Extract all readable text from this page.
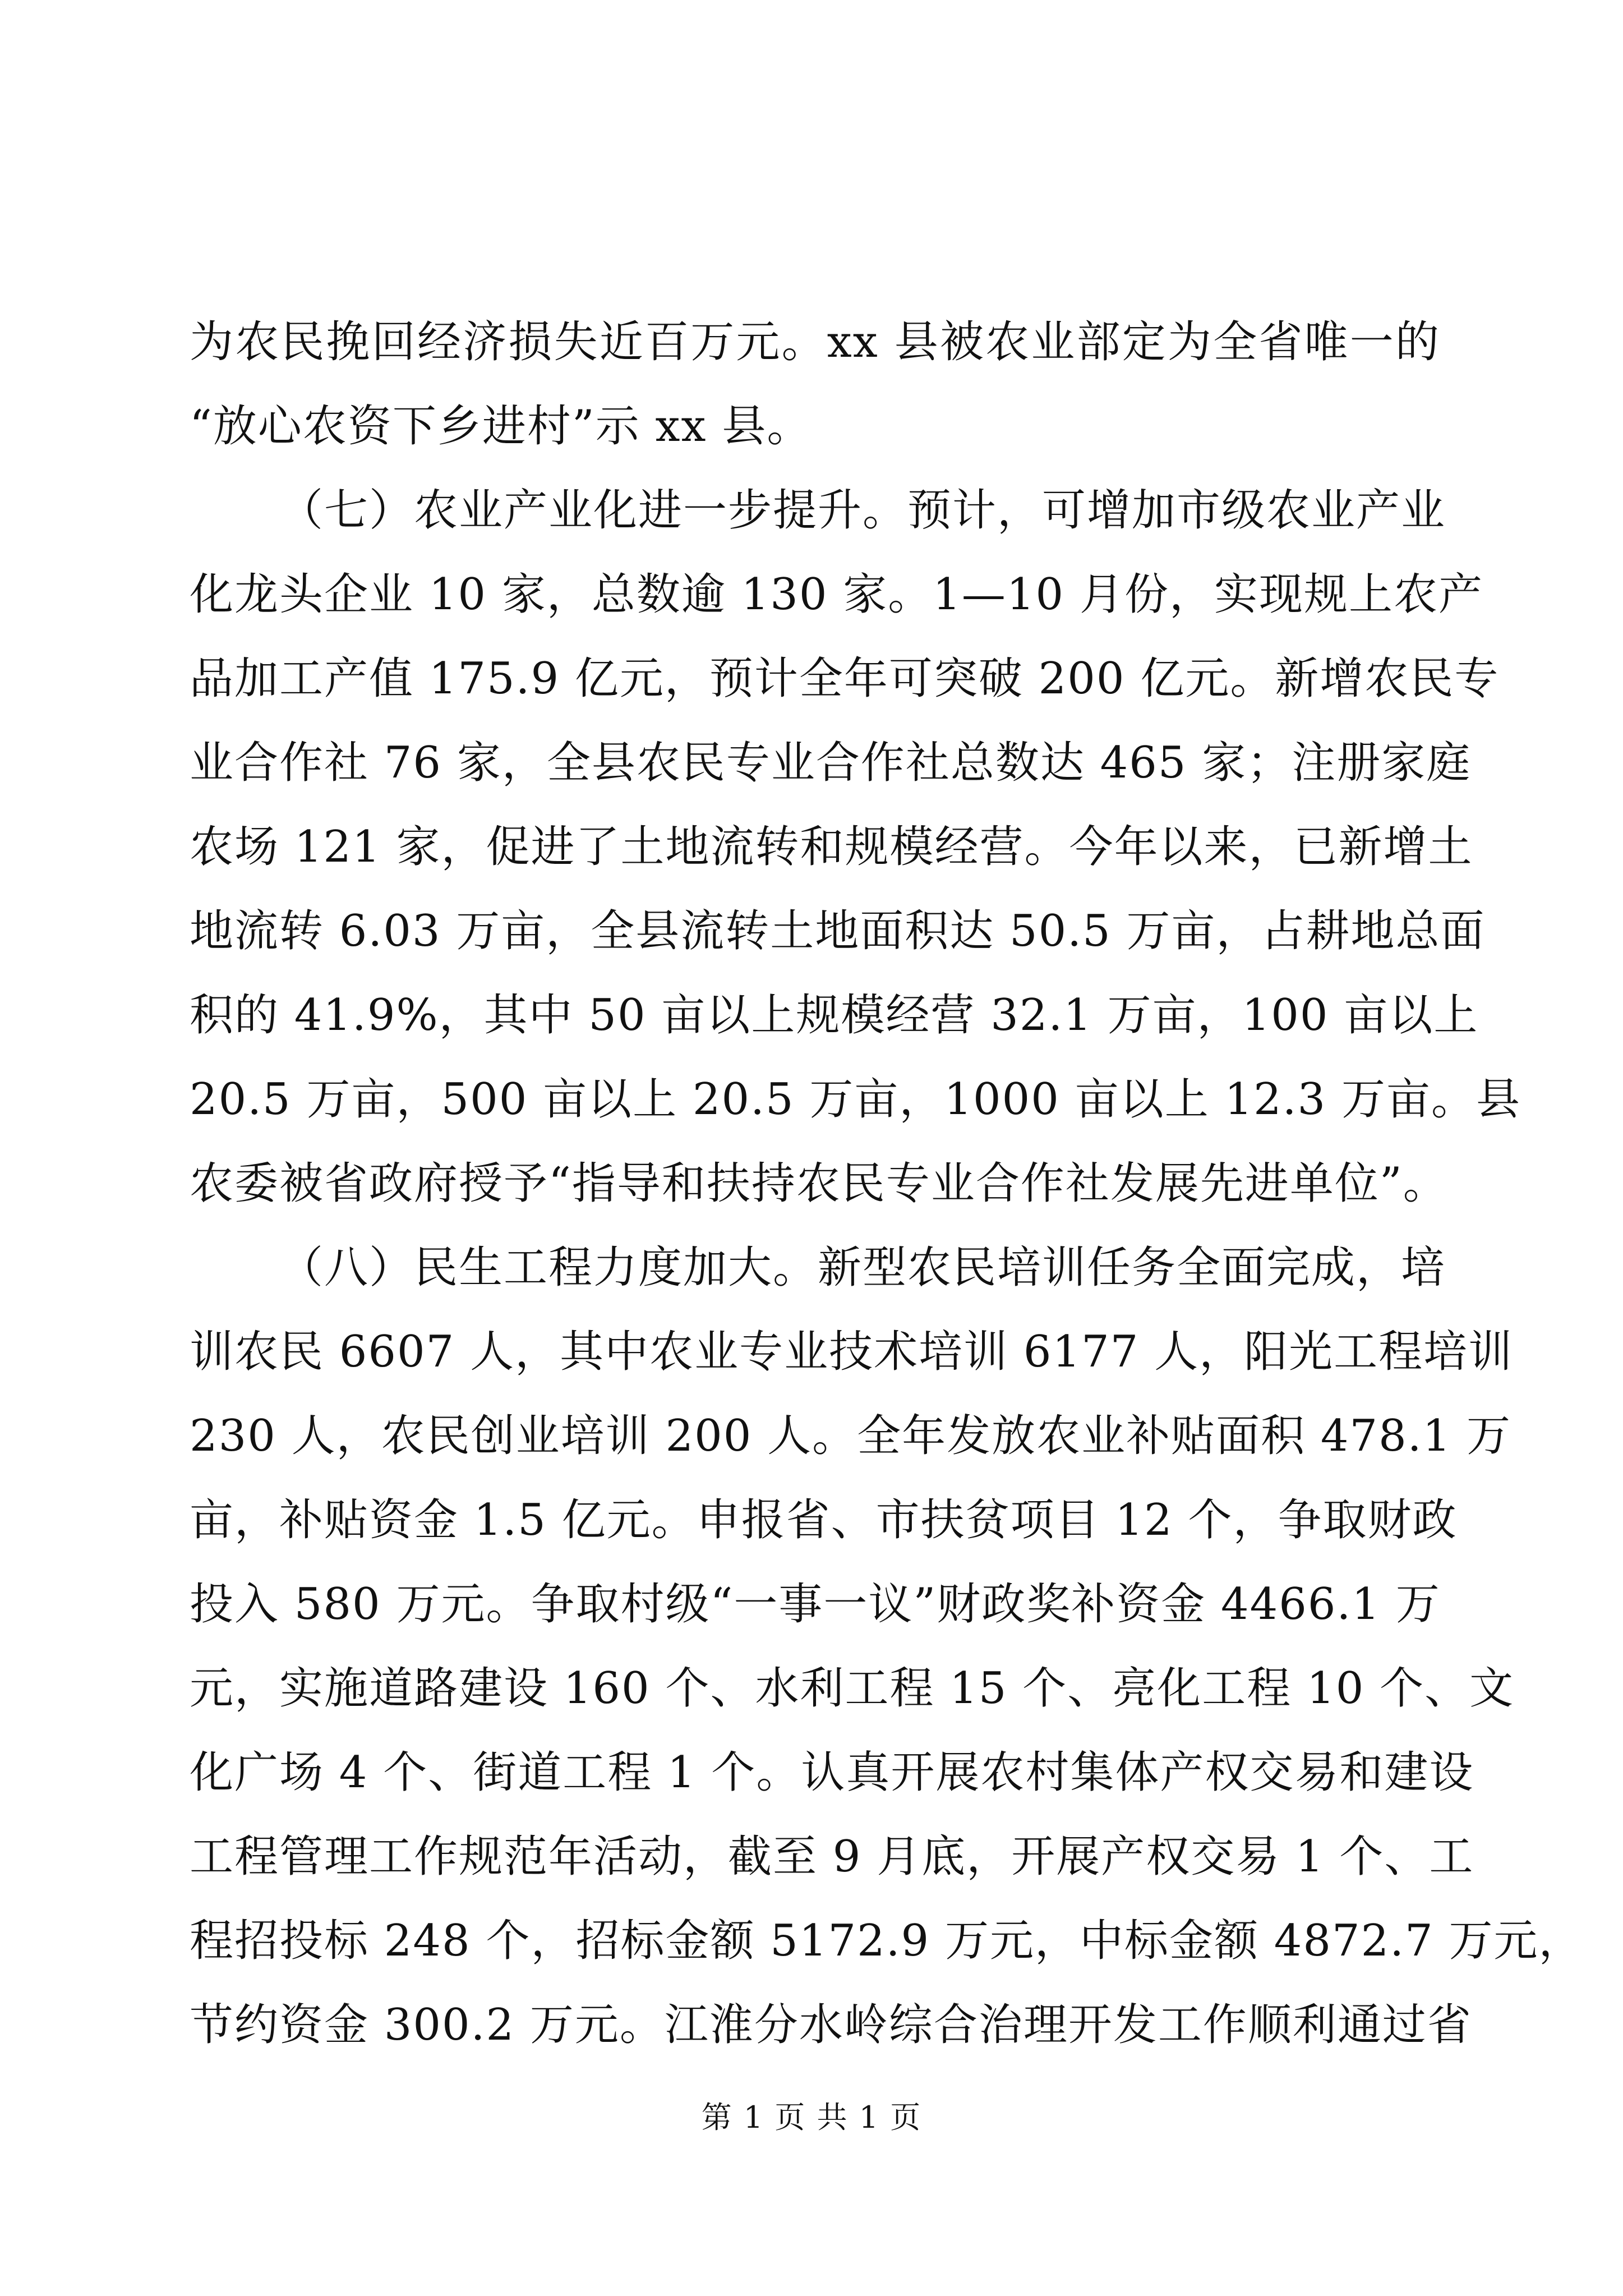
为农民挽回经济损失近百万元。xx 县被农业部定为全省唯一的
“放心农资下乡进村”示 xx 县。
（七）农业产业化进一步提升。预计，可增加市级农业产业
化龙头企业 10 家，总数逾 130 家。1—10 月份，实现规上农产
品加工产值 175.9 亿元，预计全年可突破 200 亿元。新增农民专
业合作社 76 家，全县农民专业合作社总数达 465 家；注册家庭
农场 121 家，促进了土地流转和规模经营。今年以来，已新增土
地流转 6.03 万亩，全县流转土地面积达 50.5 万亩，占耕地总面
积的 41.9%，其中 50 亩以上规模经营 32.1 万亩，100 亩以上
20.5 万亩，500 亩以上 20.5 万亩，1000 亩以上 12.3 万亩。县
农委被省政府授予“指导和扶持农民专业合作社发展先进单位”。
（八）民生工程力度加大。新型农民培训任务全面完成，培
训农民 6607 人，其中农业专业技术培训 6177 人，阳光工程培训
230 人，农民创业培训 200 人。全年发放农业补贴面积 478.1 万
亩，补贴资金 1.5 亿元。申报省、市扶贫项目 12 个，争取财政
投入 580 万元。争取村级“一事一议”财政奖补资金 4466.1 万
元，实施道路建设 160 个、水利工程 15 个、亮化工程 10 个、文
化广场 4 个、街道工程 1 个。认真开展农村集体产权交易和建设
工程管理工作规范年活动，截至 9 月底，开展产权交易 1 个、工
程招投标 248 个，招标金额 5172.9 万元，中标金额 4872.7 万元，
节约资金 300.2 万元。江淮分水岭综合治理开发工作顺利通过省
第 1 页 共 1 页
